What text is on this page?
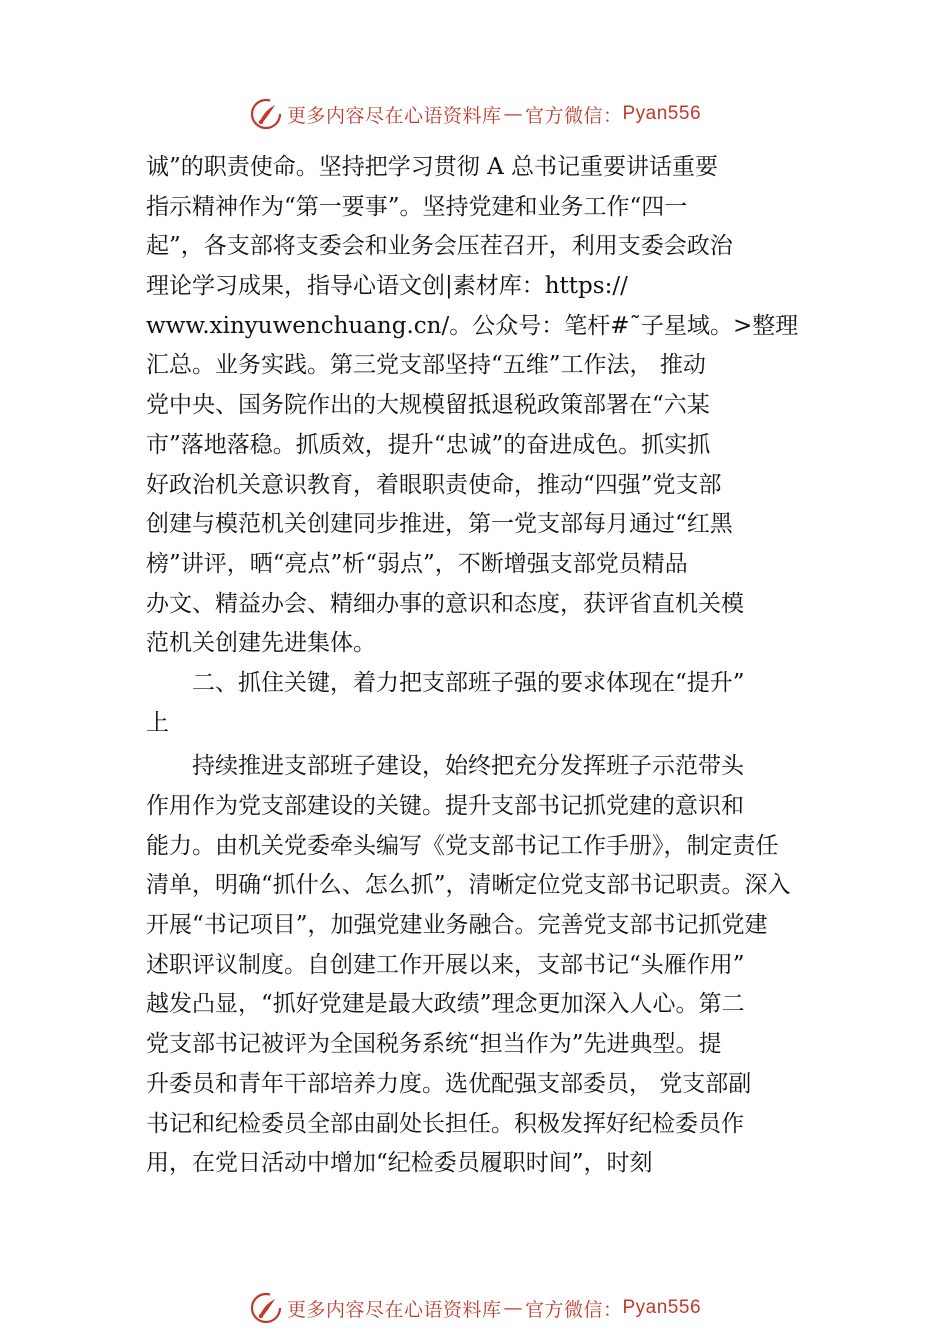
更多内容尽在心语资料库 — 官方微信： Pyan556
诚”的职责使命。坚持把学习贯彻 A 总书记重要讲话重要
指示精神作为“第一要事”。坚持党建和业务工作“四一
起”，各支部将支委会和业务会压茬召开，利用支委会政治
理论学习成果，指导心语文创|素材库：https://
www.xinyuwenchuang.cn/。公众号：笔杆#˜子星域。>整理
汇总。业务实践。第三党支部坚持“五维”工作法， 推动
党中央、国务院作出的大规模留抵退税政策部署在“六某
市”落地落稳。抓质效，提升“忠诚”的奋进成色。抓实抓
好政治机关意识教育，着眼职责使命，推动“四强”党支部
创建与模范机关创建同步推进，第一党支部每月通过“红黑
榜”讲评，晒“亮点”析“弱点”，不断增强支部党员精品
办文、精益办会、精细办事的意识和态度，获评省直机关模
范机关创建先进集体。
　　二、抓住关键，着力把支部班子强的要求体现在“提升”
上
　　持续推进支部班子建设，始终把充分发挥班子示范带头
作用作为党支部建设的关键。提升支部书记抓党建的意识和
能力。由机关党委牵头编写《党支部书记工作手册》，制定责任
清单，明确“抓什么、怎么抓”，清晰定位党支部书记职责。深入
开展“书记项目”，加强党建业务融合。完善党支部书记抓党建
述职评议制度。自创建工作开展以来，支部书记“头雁作用”
越发凸显，“抓好党建是最大政绩”理念更加深入人心。第二
党支部书记被评为全国税务系统“担当作为”先进典型。提
升委员和青年干部培养力度。选优配强支部委员， 党支部副
书记和纪检委员全部由副处长担任。积极发挥好纪检委员作
用，在党日活动中增加“纪检委员履职时间”，时刻
更多内容尽在心语资料库 — 官方微信： Pyan556
